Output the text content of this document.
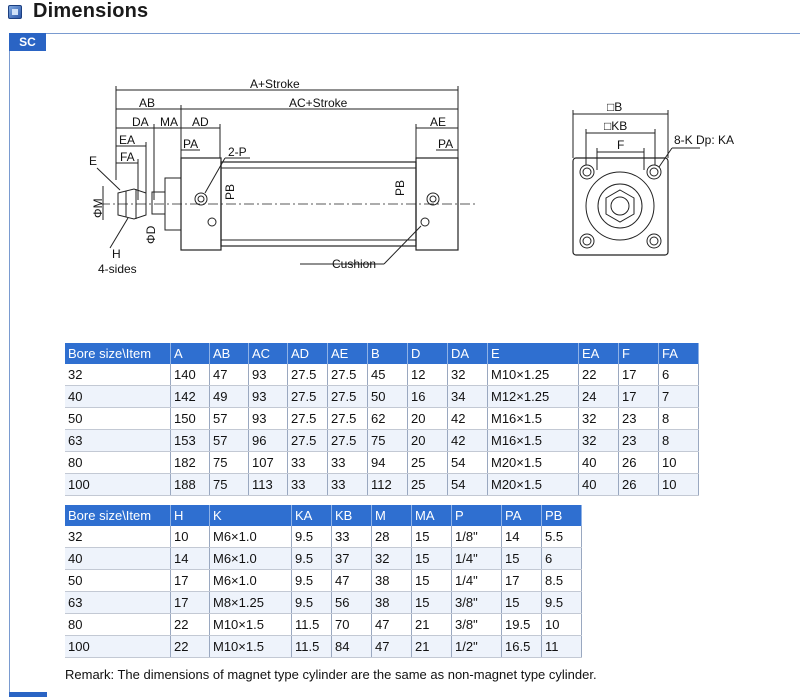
Dimensions
SC
A+Stroke
AC+Stroke
AB
DA MA AD	AE
EA
FA
E
PA	PA
2-P
PB	PB
ΦM
ΦD
H
4-sides	Cushion
□B
□KB
F	8-K Dp: KA
Bore size\Item	A	AB	AC	AD	AE	B	D	DA	E	EA	F	FA
32	140	47	93	27.5	27.5	45	12	32	M10×1.25	22	17	6
40	142	49	93	27.5	27.5	50	16	34	M12×1.25	24	17	7
50	150	57	93	27.5	27.5	62	20	42	M16×1.5	32	23	8
63	153	57	96	27.5	27.5	75	20	42	M16×1.5	32	23	8
80	182	75	107	33	33	94	25	54	M20×1.5	40	26	10
100	188	75	113	33	33	112	25	54	M20×1.5	40	26	10
Bore size\Item	H	K	KA	KB	M	MA	P	PA	PB
32	10	M6×1.0	9.5	33	28	15	1/8"	14	5.5
40	14	M6×1.0	9.5	37	32	15	1/4"	15	6
50	17	M6×1.0	9.5	47	38	15	1/4"	17	8.5
63	17	M8×1.25	9.5	56	38	15	3/8"	15	9.5
80	22	M10×1.5	11.5	70	47	21	3/8"	19.5	10
100	22	M10×1.5	11.5	84	47	21	1/2"	16.5	11
Remark: The dimensions of magnet type cylinder are the same as non-magnet type cylinder.
